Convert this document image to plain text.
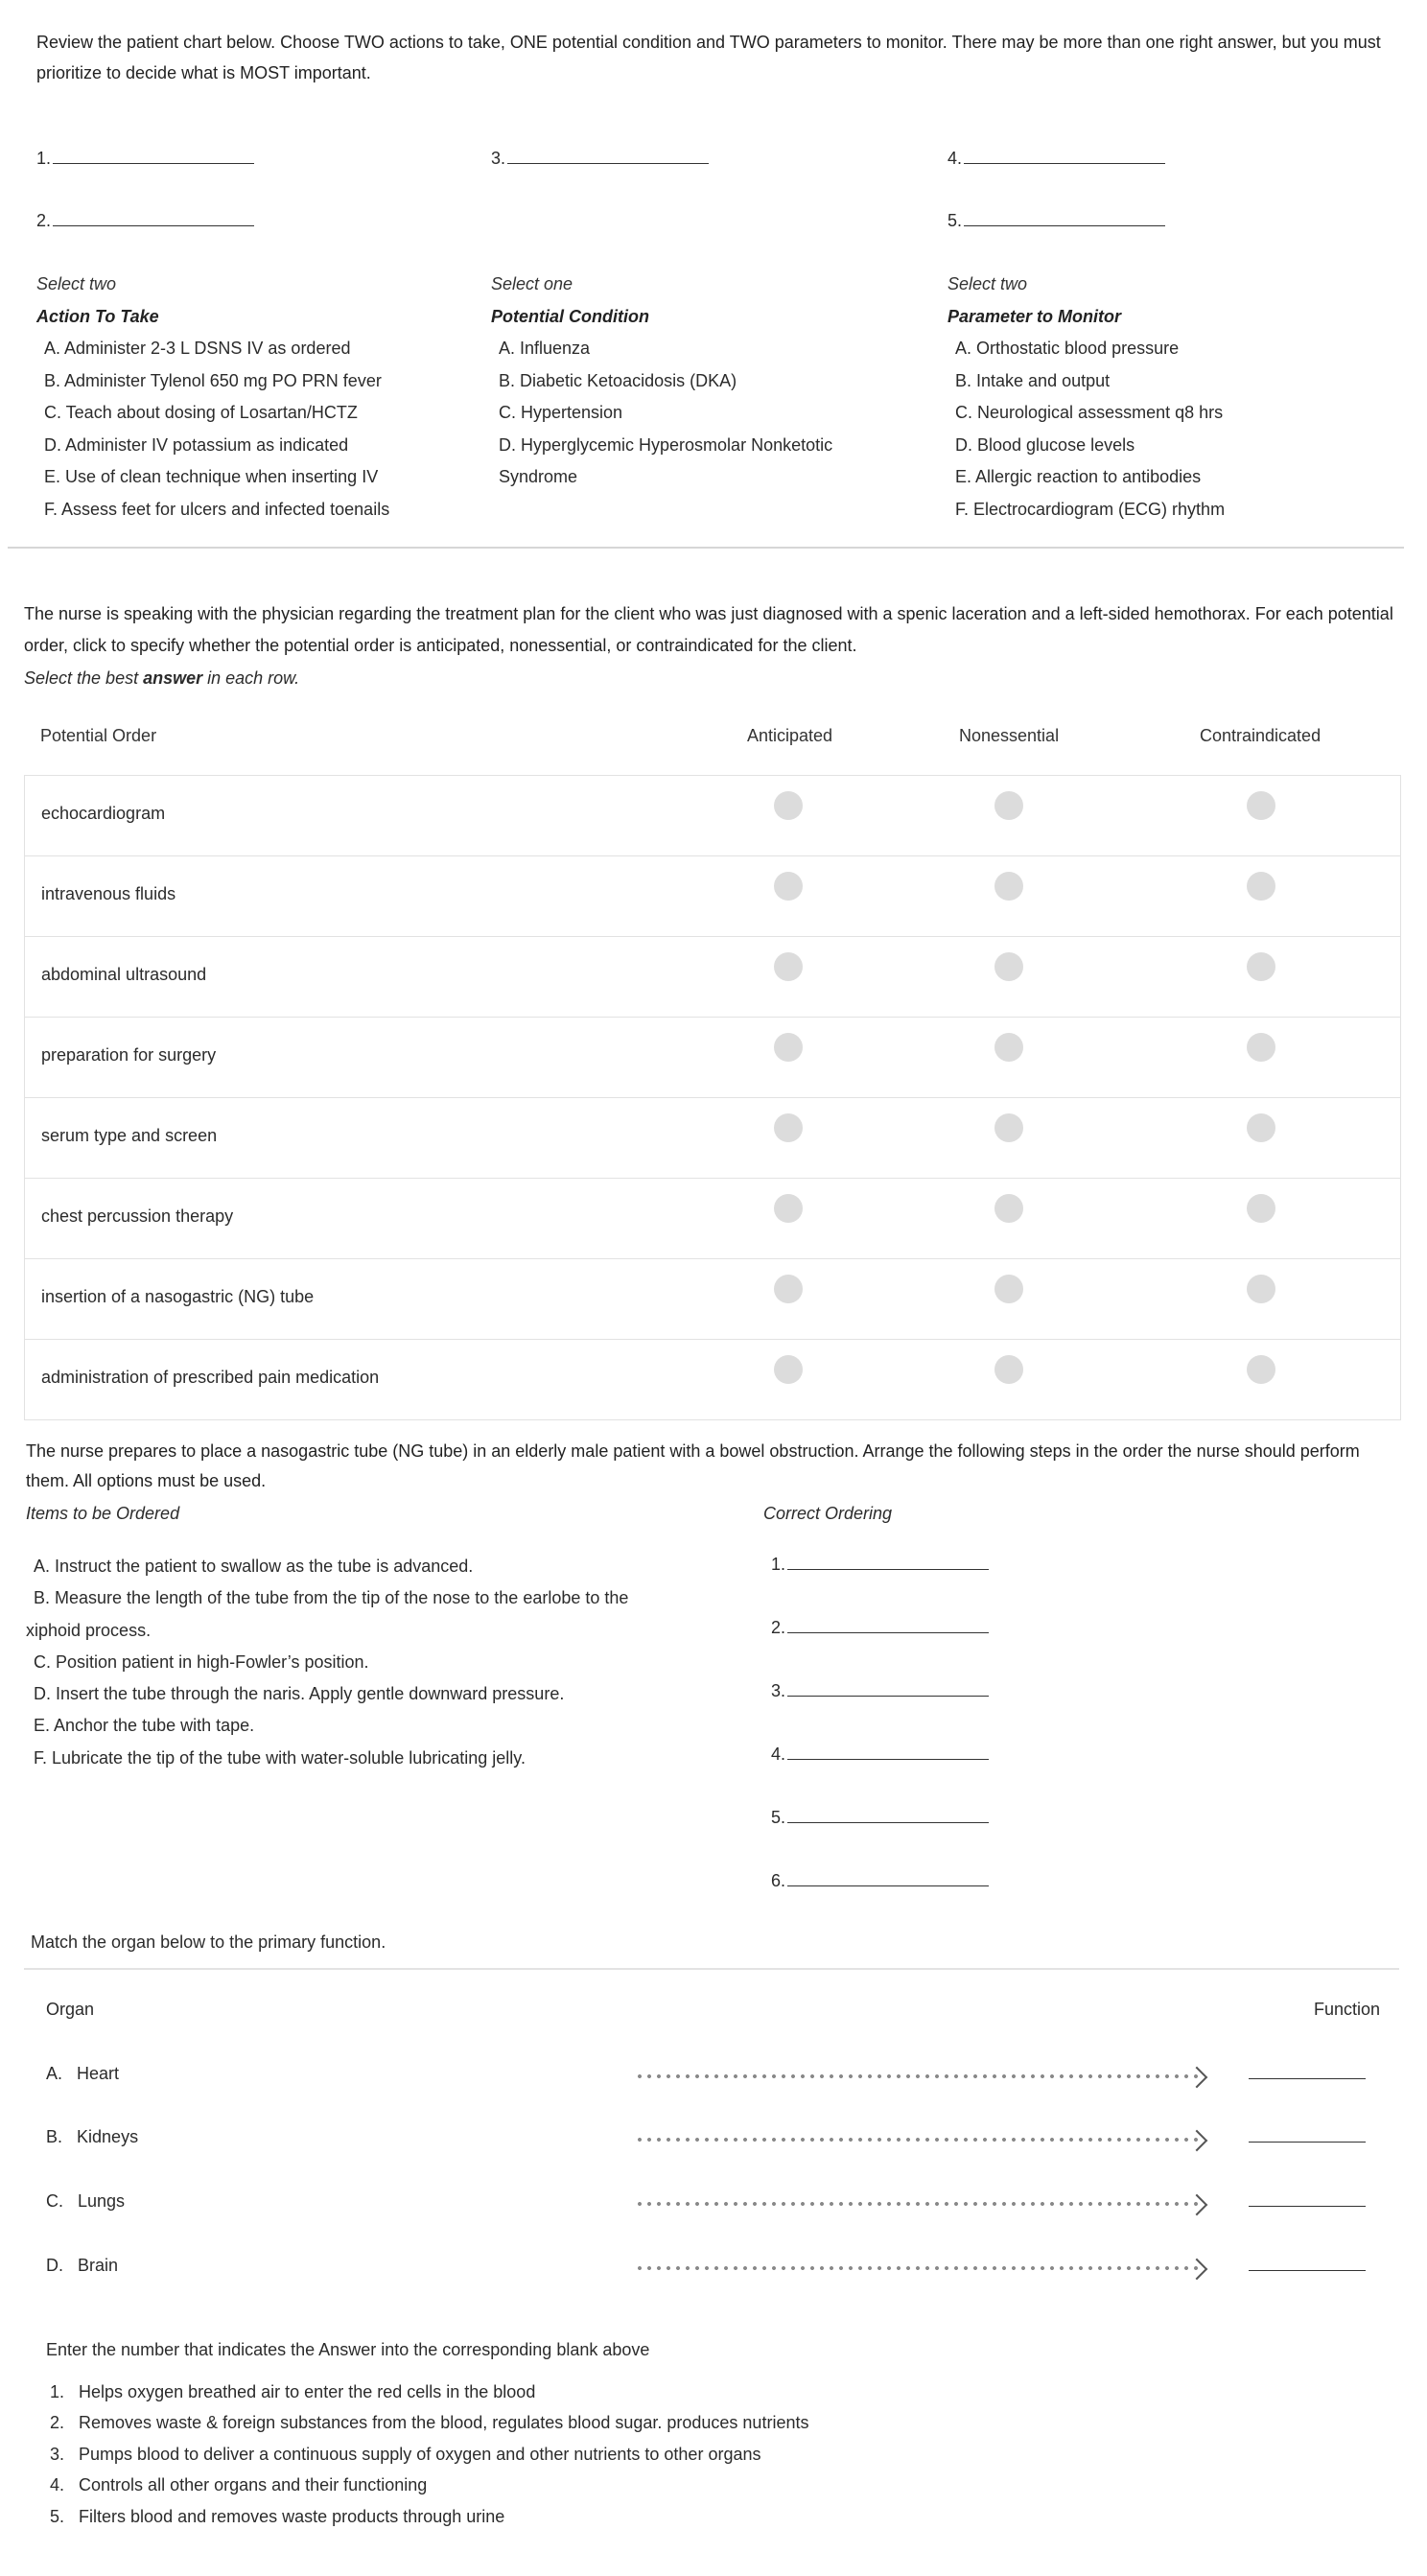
Review the patient chart below. Choose TWO actions to take, ONE potential condition and TWO parameters to monitor. There may be more than one right answer, but you must prioritize to decide what is MOST important.
1.
2.
3.	4.
5.
Select two
Action To Take
A. Administer 2-3 L DSNS IV as ordered
B. Administer Tylenol 650 mg PO PRN fever
C. Teach about dosing of Losartan/HCTZ
D. Administer IV potassium as indicated
E. Use of clean technique when inserting IV
F. Assess feet for ulcers and infected toenails
Select one
Potential Condition
A. Influenza
B. Diabetic Ketoacidosis (DKA)
C. Hypertension
D. Hyperglycemic Hyperosmolar Nonketotic
Syndrome
Select two
Parameter to Monitor
A. Orthostatic blood pressure
B. Intake and output
C. Neurological assessment q8 hrs
D. Blood glucose levels
E. Allergic reaction to antibodies
F. Electrocardiogram (ECG) rhythm
The nurse is speaking with the physician regarding the treatment plan for the client who was just diagnosed with a spenic laceration and a left-sided hemothorax. For each potential order, click to specify whether the potential order is anticipated, nonessential, or contraindicated for the client.
Select the best answer in each row.
Potential Order	Anticipated	Nonessential	Contraindicated
echocardiogram
intravenous fluids
abdominal ultrasound
preparation for surgery
serum type and screen
chest percussion therapy
insertion of a nasogastric (NG) tube
administration of prescribed pain medication
The nurse prepares to place a nasogastric tube (NG tube) in an elderly male patient with a bowel obstruction. Arrange the following steps in the order the nurse should perform them. All options must be used.
Items to be Ordered	Correct Ordering
A. Instruct the patient to swallow as the tube is advanced.
B. Measure the length of the tube from the tip of the nose to the earlobe to the
xiphoid process.
C. Position patient in high-Fowler’s position.
D. Insert the tube through the naris. Apply gentle downward pressure.
E. Anchor the tube with tape.
F. Lubricate the tip of the tube with water-soluble lubricating jelly.
1.
2.
3.
4.
5.
6.
Match the organ below to the primary function.
Organ	Function
A. Heart
B. Kidneys
C. Lungs
D. Brain
Enter the number that indicates the Answer into the corresponding blank above
1. Helps oxygen breathed air to enter the red cells in the blood
2. Removes waste & foreign substances from the blood, regulates blood sugar. produces nutrients
3. Pumps blood to deliver a continuous supply of oxygen and other nutrients to other organs
4. Controls all other organs and their functioning
5. Filters blood and removes waste products through urine
